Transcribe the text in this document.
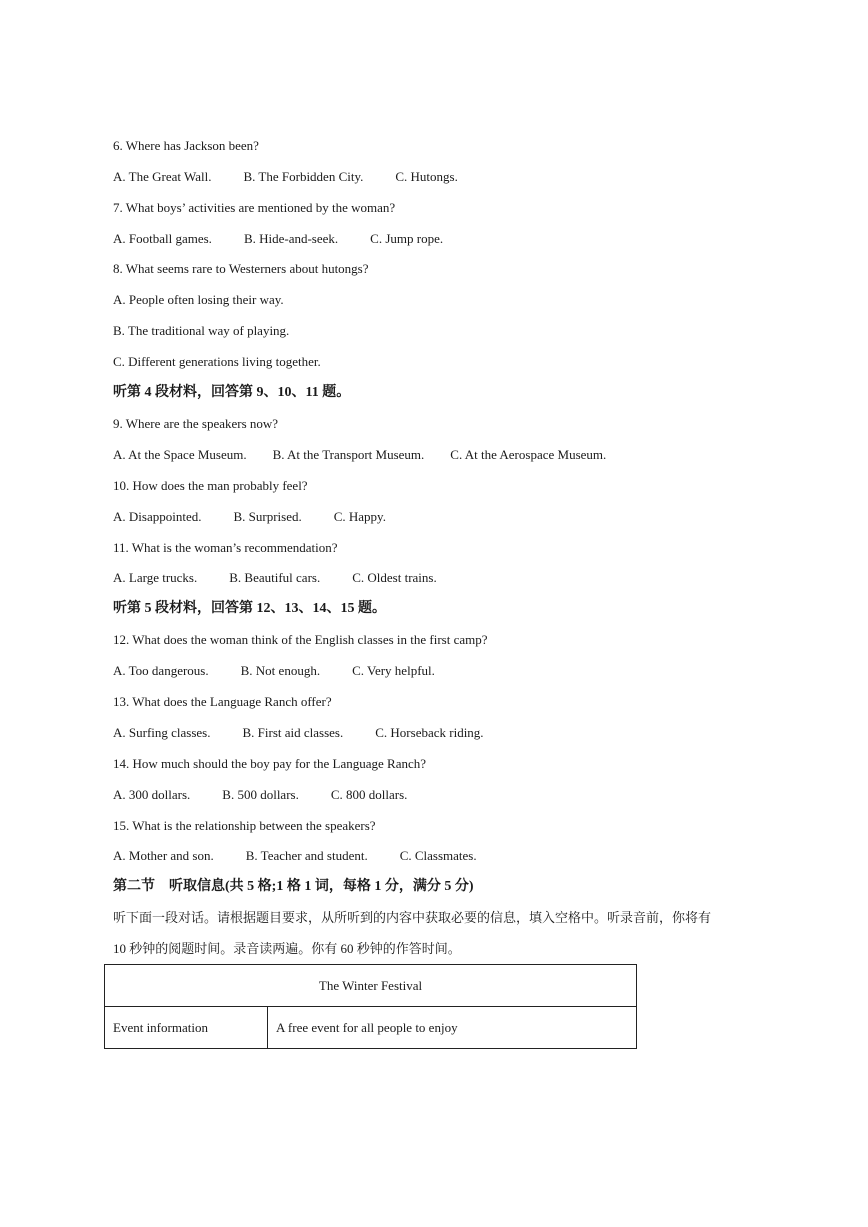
6. Where has Jackson been?
A. The Great Wall. B. The Forbidden City. C. Hutongs.
7. What boys’ activities are mentioned by the woman?
A. Football games. B. Hide-and-seek. C. Jump rope.
8. What seems rare to Westerners about hutongs?
A. People often losing their way.
B. The traditional way of playing.
C. Different generations living together.
听第 4 段材料，回答第 9、10、11 题。
9. Where are the speakers now?
A. At the Space Museum. B. At the Transport Museum. C. At the Aerospace Museum.
10. How does the man probably feel?
A. Disappointed. B. Surprised. C. Happy.
11. What is the woman’s recommendation?
A. Large trucks. B. Beautiful cars. C. Oldest trains.
听第 5 段材料，回答第 12、13、14、15 题。
12. What does the woman think of the English classes in the first camp?
A. Too dangerous. B. Not enough. C. Very helpful.
13. What does the Language Ranch offer?
A. Surfing classes. B. First aid classes. C. Horseback riding.
14. How much should the boy pay for the Language Ranch?
A. 300 dollars. B. 500 dollars. C. 800 dollars.
15. What is the relationship between the speakers?
A. Mother and son. B. Teacher and student. C. Classmates.
第二节　听取信息(共 5 格;1 格 1 词，每格 1 分，满分 5 分)
听下面一段对话。请根据题目要求，从所听到的内容中获取必要的信息，填入空格中。听录音前，你将有
10 秒钟的阅题时间。录音读两遍。你有 60 秒钟的作答时间。
The Winter Festival
Event information	A free event for all people to enjoy
